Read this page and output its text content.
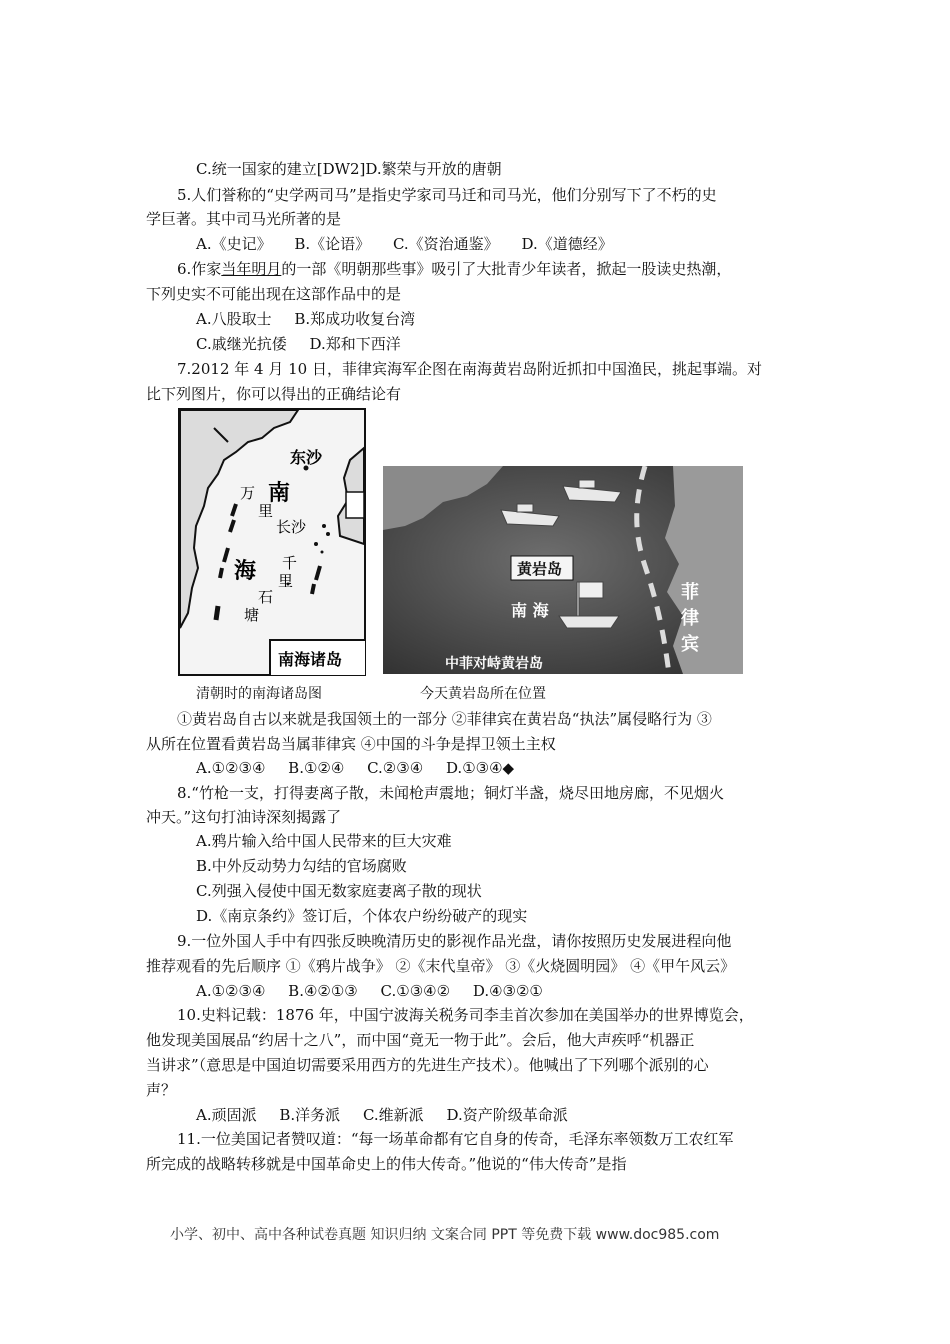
C.统一国家的建立[DW2]D.繁荣与开放的唐朝
5.人们誉称的“史学两司马”是指史学家司马迁和司马光，他们分别写下了不朽的史
学巨著。其中司马光所著的是
A.《史记》 B.《论语》 C.《资治通鉴》 D.《道德经》
6.作家当年明月的一部《明朝那些事》吸引了大批青少年读者，掀起一股读史热潮，
下列史实不可能出现在这部作品中的是
A.八股取士 B.郑成功收复台湾
C.戚继光抗倭 D.郑和下西洋
7.2012 年 4 月 10 日，菲律宾海军企图在南海黄岩岛附近抓扣中国渔民，挑起事端。对
比下列图片，你可以得出的正确结论有
东沙
南
万
里
长沙
海 千
里
石
塘
南海诸岛
黄岩岛
南 海
菲
律
宾
中菲对峙黄岩岛
清朝时的南海诸岛图	今天黄岩岛所在位置
①黄岩岛自古以来就是我国领土的一部分 ②菲律宾在黄岩岛“执法”属侵略行为 ③
从所在位置看黄岩岛当属菲律宾 ④中国的斗争是捍卫领土主权
A.①②③④ B.①②④ C.②③④ D.①③④◆
8.“竹枪一支，打得妻离子散，未闻枪声震地；铜灯半盏，烧尽田地房廊，不见烟火
冲天。”这句打油诗深刻揭露了
A.鸦片输入给中国人民带来的巨大灾难
B.中外反动势力勾结的官场腐败
C.列强入侵使中国无数家庭妻离子散的现状
D.《南京条约》签订后，个体农户纷纷破产的现实
9.一位外国人手中有四张反映晚清历史的影视作品光盘，请你按照历史发展进程向他
推荐观看的先后顺序 ①《鸦片战争》 ②《末代皇帝》 ③《火烧圆明园》 ④《甲午风云》
A.①②③④ B.④②①③ C.①③④② D.④③②①
10.史料记载：1876 年，中国宁波海关税务司李圭首次参加在美国举办的世界博览会，
他发现美国展品“约居十之八”，而中国“竟无一物于此”。会后，他大声疾呼“机器正
当讲求”（意思是中国迫切需要采用西方的先进生产技术）。他喊出了下列哪个派别的心
声？
A.顽固派 B.洋务派 C.维新派 D.资产阶级革命派
11.一位美国记者赞叹道：“每一场革命都有它自身的传奇，毛泽东率领数万工农红军
所完成的战略转移就是中国革命史上的伟大传奇。”他说的“伟大传奇”是指
小学、初中、高中各种试卷真题 知识归纳 文案合同 PPT 等免费下载 www.doc985.com
